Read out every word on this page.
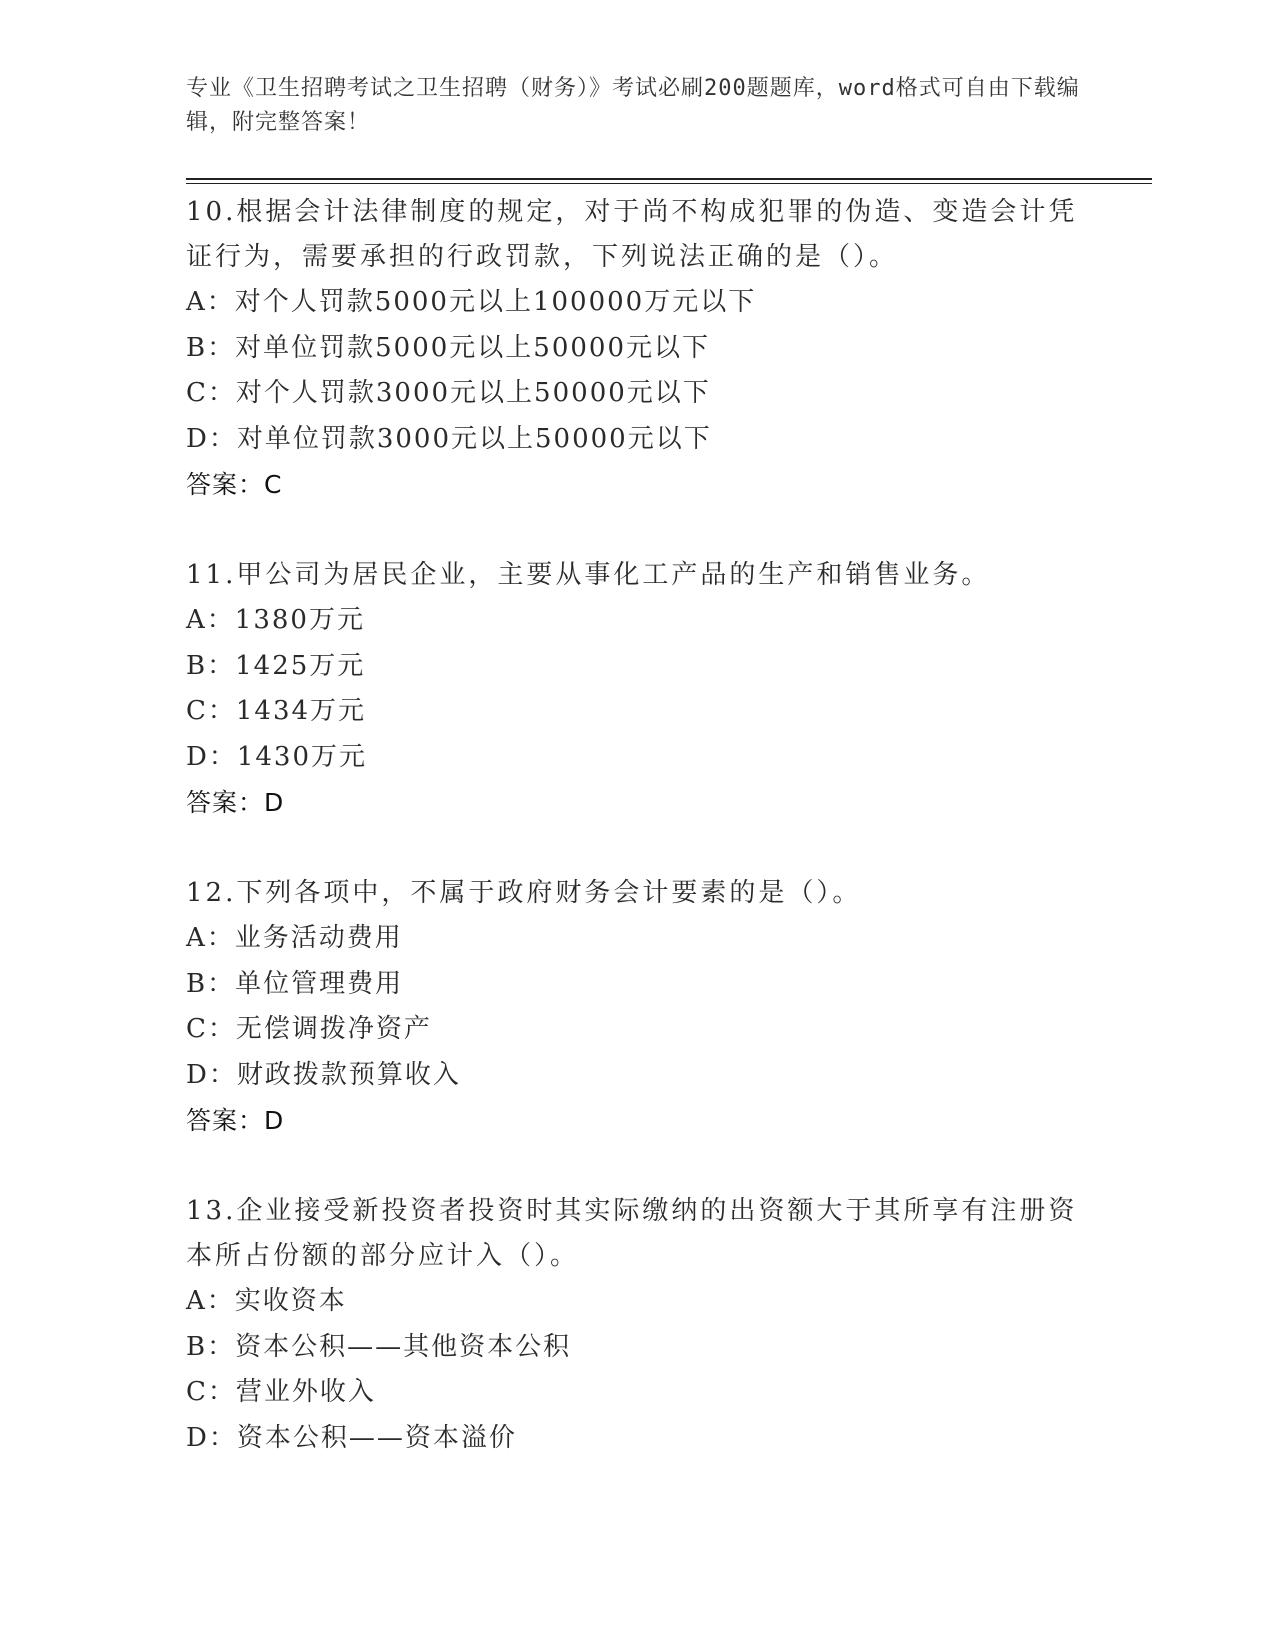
专业《卫生招聘考试之卫生招聘（财务）》考试必刷200题题库，word格式可自由下载编辑，附完整答案！
10.根据会计法律制度的规定，对于尚不构成犯罪的伪造、变造会计凭证行为，需要承担的行政罚款，下列说法正确的是（）。
A：对个人罚款5000元以上100000万元以下
B：对单位罚款5000元以上50000元以下
C：对个人罚款3000元以上50000元以下
D：对单位罚款3000元以上50000元以下
答案：C
11.甲公司为居民企业，主要从事化工产品的生产和销售业务。
A：1380万元
B：1425万元
C：1434万元
D：1430万元
答案：D
12.下列各项中，不属于政府财务会计要素的是（）。
A：业务活动费用
B：单位管理费用
C：无偿调拨净资产
D：财政拨款预算收入
答案：D
13.企业接受新投资者投资时其实际缴纳的出资额大于其所享有注册资本所占份额的部分应计入（）。
A：实收资本
B：资本公积——其他资本公积
C：营业外收入
D：资本公积——资本溢价
